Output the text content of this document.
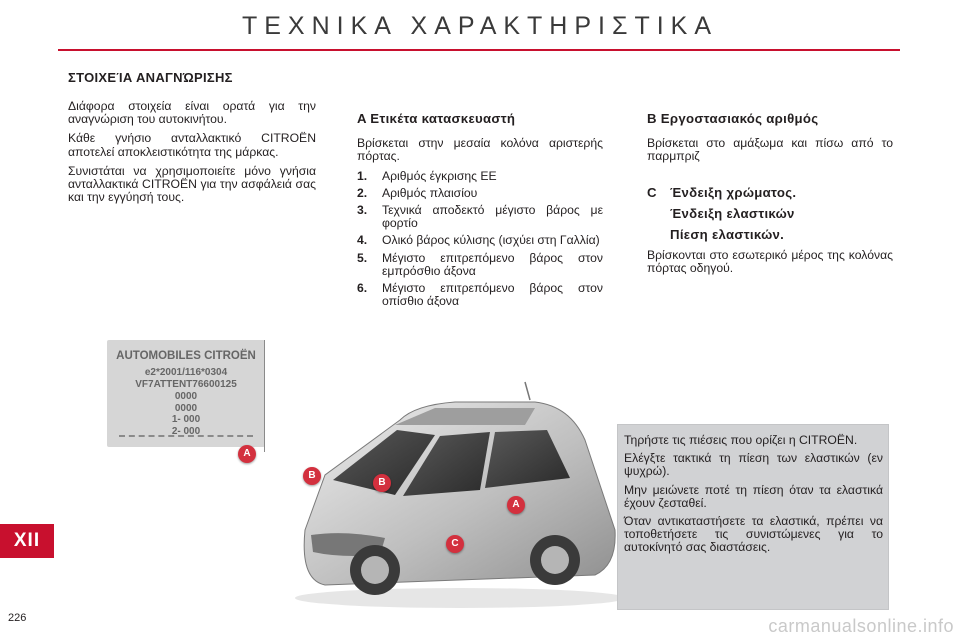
ΤΕΧΝΙΚΑ ΧΑΡΑΚΤΗΡΙΣΤΙΚΑ
ΣΤΟΙΧΕΊΑ ΑΝΑΓΝΏΡΙΣΗΣ

Διάφορα στοιχεία είναι ορατά για την αναγνώριση του αυτοκινήτου.

Κάθε γνήσιο ανταλλακτικό CITROËN αποτελεί αποκλειστικότητα της μάρκας.

Συνιστάται να χρησιμοποιείτε μόνο γνήσια ανταλλακτικά CITROËN για την ασφάλειά σας και την εγγύησή τους.

A Ετικέτα κατασκευαστή

Βρίσκεται στην μεσαία κολόνα αριστερής πόρτας.

1. Αριθμός έγκρισης ΕΕ
2. Αριθμός πλαισίου
3. Τεχνικά αποδεκτό μέγιστο βάρος με φορτίο
4. Ολικό βάρος κύλισης (ισχύει στη Γαλλία)
5. Μέγιστο επιτρεπόμενο βάρος στον εμπρόσθιο άξονα
6. Μέγιστο επιτρεπόμενο βάρος στον οπίσθιο άξονα
B Εργοστασιακός αριθμός

Βρίσκεται στο αμάξωμα και πίσω από το παρμπριζ

C Ένδειξη χρώματος.
Ένδειξη ελαστικών
Πίεση ελαστικών.

Βρίσκονται στο εσωτερικό μέρος της κολόνας πόρτας οδηγού.

AUTOMOBILES CITROËN
e2*2001/116*0304
VF7ATTENT76600125
0000
0000
1- 000
2- 000
A
B
B
A
C

Τηρήστε τις πιέσεις που ορίζει η CITROËN.

Ελέγξτε τακτικά τη πίεση των ελαστικών (εν ψυχρώ).

Μην μειώνετε ποτέ τη πίεση όταν τα ελαστικά έχουν ζεσταθεί.

Όταν αντικαταστήσετε τα ελαστικά, πρέπει να τοποθετήσετε τις συνιστώμενες για το αυτοκίνητό σας διαστάσεις.

XII
226	carmanualsonline.info
